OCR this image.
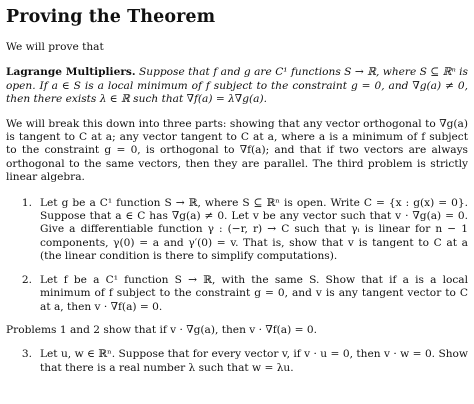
Proving the Theorem

We will prove that

Lagrange Multipliers. Suppose that f and g are C¹ functions S → ℝ, where S ⊆ ℝⁿ is open. If a ∈ S is a local minimum of f subject to the constraint g = 0, and ∇g(a) ≠ 0, then there exists λ ∈ ℝ such that ∇f(a) = λ∇g(a).

We will break this down into three parts: showing that any vector orthogonal to ∇g(a) is tangent to C at a; any vector tangent to C at a, where a is a minimum of f subject to the constraint g = 0, is orthogonal to ∇f(a); and that if two vectors are always orthogonal to the same vectors, then they are parallel. The third problem is strictly linear algebra.

1. Let g be a C¹ function S → ℝ, where S ⊆ ℝⁿ is open. Write C = {x : g(x) = 0}. Suppose that a ∈ C has ∇g(a) ≠ 0. Let v be any vector such that v · ∇g(a) = 0. Give a differentiable function γ : (−r, r) → C such that γᵢ is linear for n − 1 components, γ(0) = a and γ′(0) = v. That is, show that v is tangent to C at a (the linear condition is there to simplify computations).

2. Let f be a C¹ function S → ℝ, with the same S. Show that if a is a local minimum of f subject to the constraint g = 0, and v is any tangent vector to C at a, then v · ∇f(a) = 0.

Problems 1 and 2 show that if v · ∇g(a), then v · ∇f(a) = 0.

3. Let u, w ∈ ℝⁿ. Suppose that for every vector v, if v · u = 0, then v · w = 0. Show that there is a real number λ such that w = λu.
